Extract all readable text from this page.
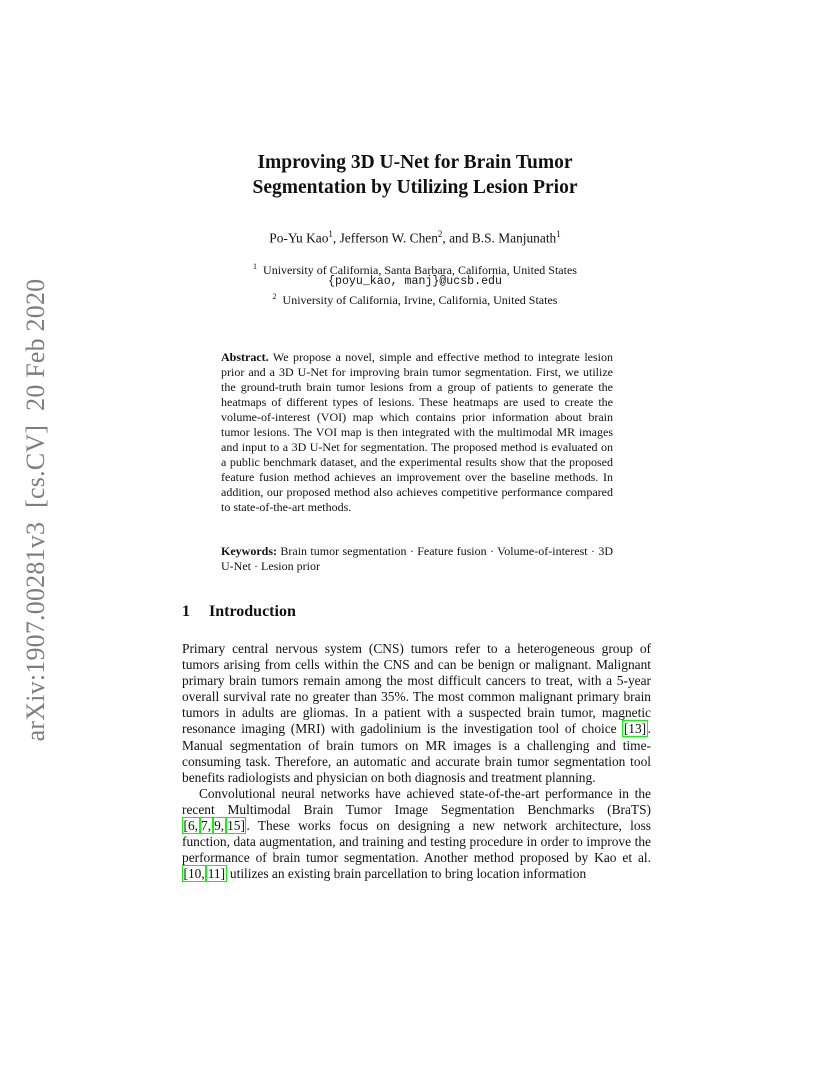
arXiv:1907.00281v3
[cs.CV]
20 Feb 2020
Improving 3D U-Net for Brain Tumor
Segmentation by Utilizing Lesion Prior
Po-Yu Kao$^1$, Jefferson W. Chen$^2$, and B.S. Manjunath$^1$
$^1$ University of California, Santa Barbara, California, United States
{poyu_kao, manj}@ucsb.edu
$^2$ University of California, Irvine, California, United States
Abstract. We propose a novel, simple and effective method to integrate lesion prior and a 3D U-Net for improving brain tumor segmentation. First, we utilize the ground-truth brain tumor lesions from a group of patients to generate the heatmaps of different types of lesions. These heatmaps are used to create the volume-of-interest (VOI) map which contains prior information about brain tumor lesions. The VOI map is then integrated with the multimodal MR images and input to a 3D U-Net for segmentation. The proposed method is evaluated on a public benchmark dataset, and the experimental results show that the proposed feature fusion method achieves an improvement over the baseline methods. In addition, our proposed method also achieves competitive performance compared to state-of-the-art methods.
Keywords: Brain tumor segmentation · Feature fusion · Volume-of-interest · 3D U-Net · Lesion prior
1 Introduction

Primary central nervous system (CNS) tumors refer to a heterogeneous group of tumors arising from cells within the CNS and can be benign or malignant. Malignant primary brain tumors remain among the most difficult cancers to treat, with a 5-year overall survival rate no greater than 35%. The most common malignant primary brain tumors in adults are gliomas. In a patient with a suspected brain tumor, magnetic resonance imaging (MRI) with gadolinium is the investigation tool of choice [13] . Manual segmentation of brain tumors on MR images is a challenging and time-consuming task. Therefore, an automatic and accurate brain tumor segmentation tool benefits radiologists and physician on both diagnosis and treatment planning.

Convolutional neural networks have achieved state-of-the-art performance in the recent Multimodal Brain Tumor Image Segmentation Benchmarks (BraTS) [6, 7, 9, 15] . These works focus on designing a new network architecture, loss function, data augmentation, and training and testing procedure in order to improve the performance of brain tumor segmentation. Another method proposed by Kao et al. [10, 11] utilizes an existing brain parcellation to bring location information
